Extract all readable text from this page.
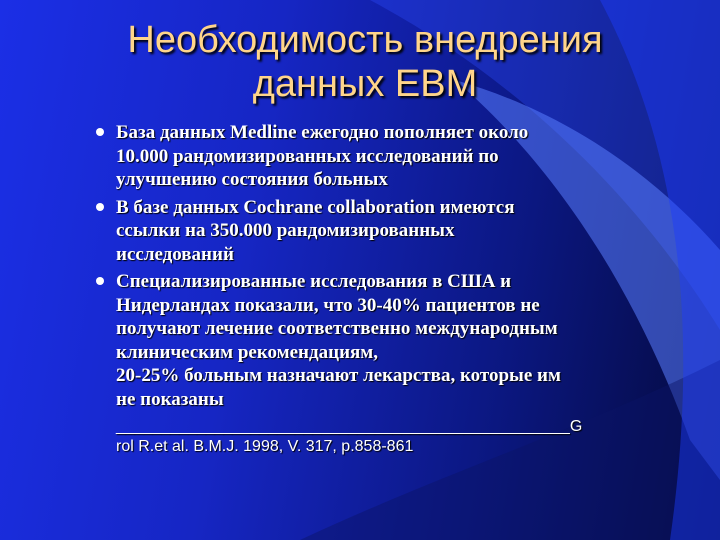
Необходимость внедрения данных EBM
База данных Medline ежегодно пополняет около
10.000 рандомизированных исследований по
улучшению состояния больных
В базе данных Cochrane collaboration имеются
ссылки на 350.000 рандомизированных
исследований
Специализированные исследования в США и
Нидерландах показали, что 30-40% пациентов не
получают лечение соответственно международным
клиническим рекомендациям,
20-25% больным назначают лекарства, которые им
не показаны
___________________________________________________G
rol R.et al. B.M.J. 1998, V. 317, p.858-861
